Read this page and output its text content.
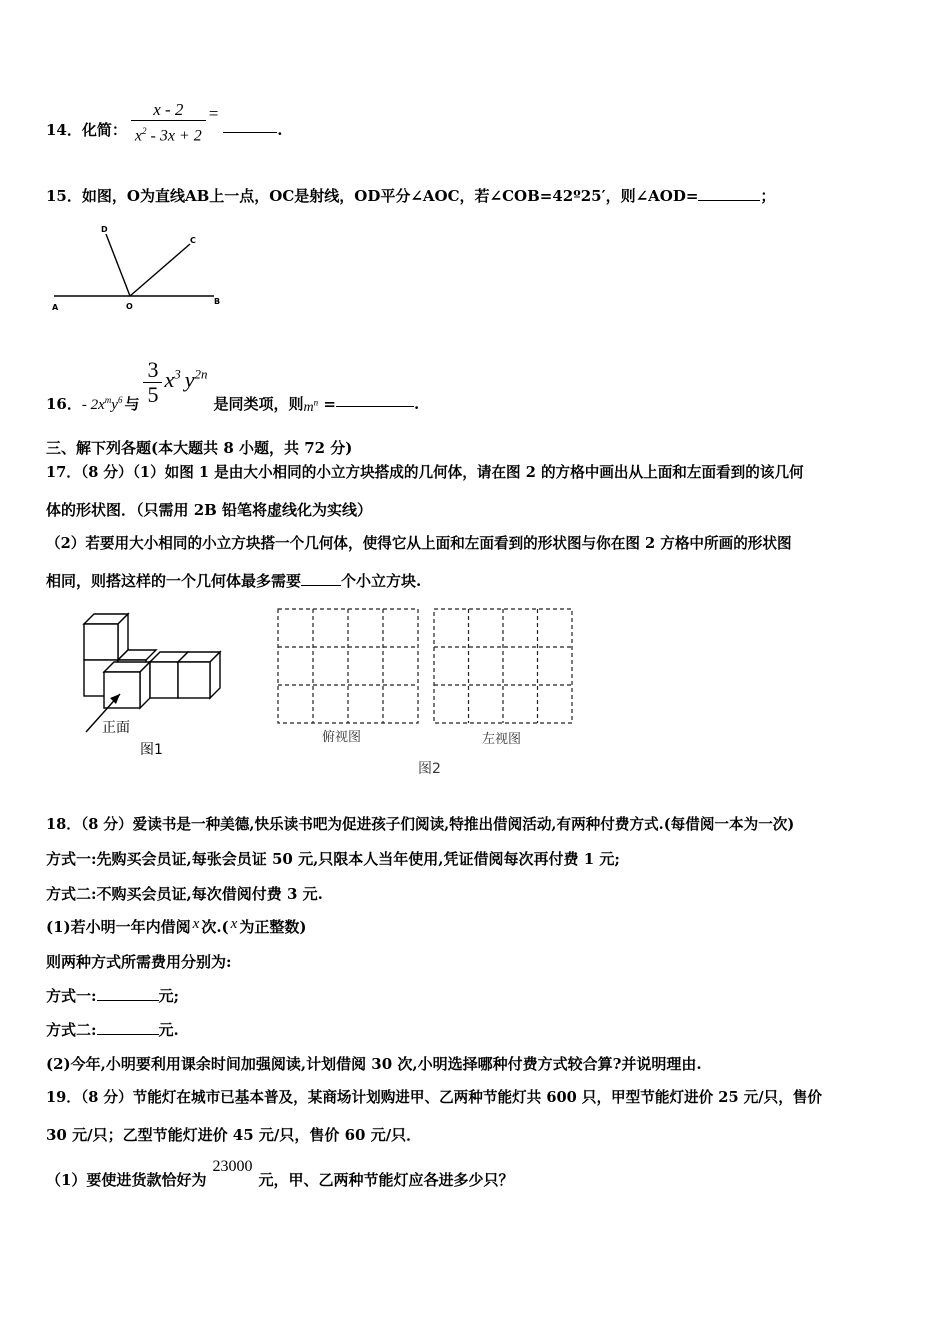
14．化简： $\frac{x - 2}{x^2 - 3x + 2}$ =.
15．如图，O为直线AB上一点，OC是射线，OD平分∠AOC，若∠COB=42º25′，则∠AOD=	；
A	O
B
C
D
16．- $2x^my^6$ 与 $\frac{3}{5} x^3$ $y^{2n}$是同类项，则$m^n$ =	.
三、解下列各题(本大题共 8 小题，共 72 分)
17．（8 分）（1）如图 1 是由大小相同的小立方块搭成的几何体，请在图 2 的方格中画出从上面和左面看到的该几何
体的形状图．（只需用 2B 铅笔将虚线化为实线）
（2）若要用大小相同的小立方块搭一个几何体，使得它从上面和左面看到的形状图与你在图 2 方格中所画的形状图
相同，则搭这样的一个几何体最多需要	个小立方块.
正面
图1
俯视图	左视图
图2
18．（8 分）爱读书是一种美德,快乐读书吧为促进孩子们阅读,特推出借阅活动,有两种付费方式.(每借阅一本为一次)
方式一:先购买会员证,每张会员证 50 元,只限本人当年使用,凭证借阅每次再付费 1 元;
方式二:不购买会员证,每次借阅付费 3 元.
(1)若小明一年内借阅 x 次.( x 为正整数)
则两种方式所需费用分别为:
方式一:	元;
方式二:	元.
(2)今年,小明要利用课余时间加强阅读,计划借阅 30 次,小明选择哪种付费方式较合算?并说明理由.
19．（8 分）节能灯在城市已基本普及，某商场计划购进甲、乙两种节能灯共 600 只，甲型节能灯进价 25 元/只，售价
30 元/只；乙型节能灯进价 45 元/只，售价 60 元/只．
（1）要使进货款恰好为23000元，甲、乙两种节能灯应各进多少只？
